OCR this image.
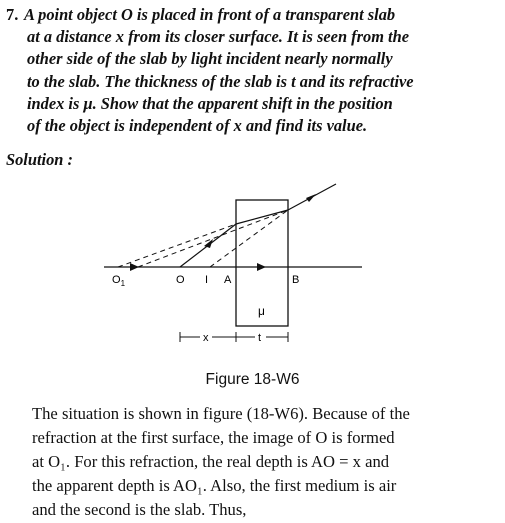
7. A point object O is placed in front of a transparent slab
at a distance x from its closer surface. It is seen from the
other side of the slab by light incident nearly normally
to the slab. The thickness of the slab is t and its refractive
index is μ. Show that the apparent shift in the position
of the object is independent of x and find its value.
Solution :
$O_1$	O I A	B
μ
x	t
Figure 18-W6
The situation is shown in figure (18-W6). Because of the
refraction at the first surface, the image of O is formed
at O₁. For this refraction, the real depth is AO = x and
the apparent depth is AO₁. Also, the first medium is air
and the second is the slab. Thus,
